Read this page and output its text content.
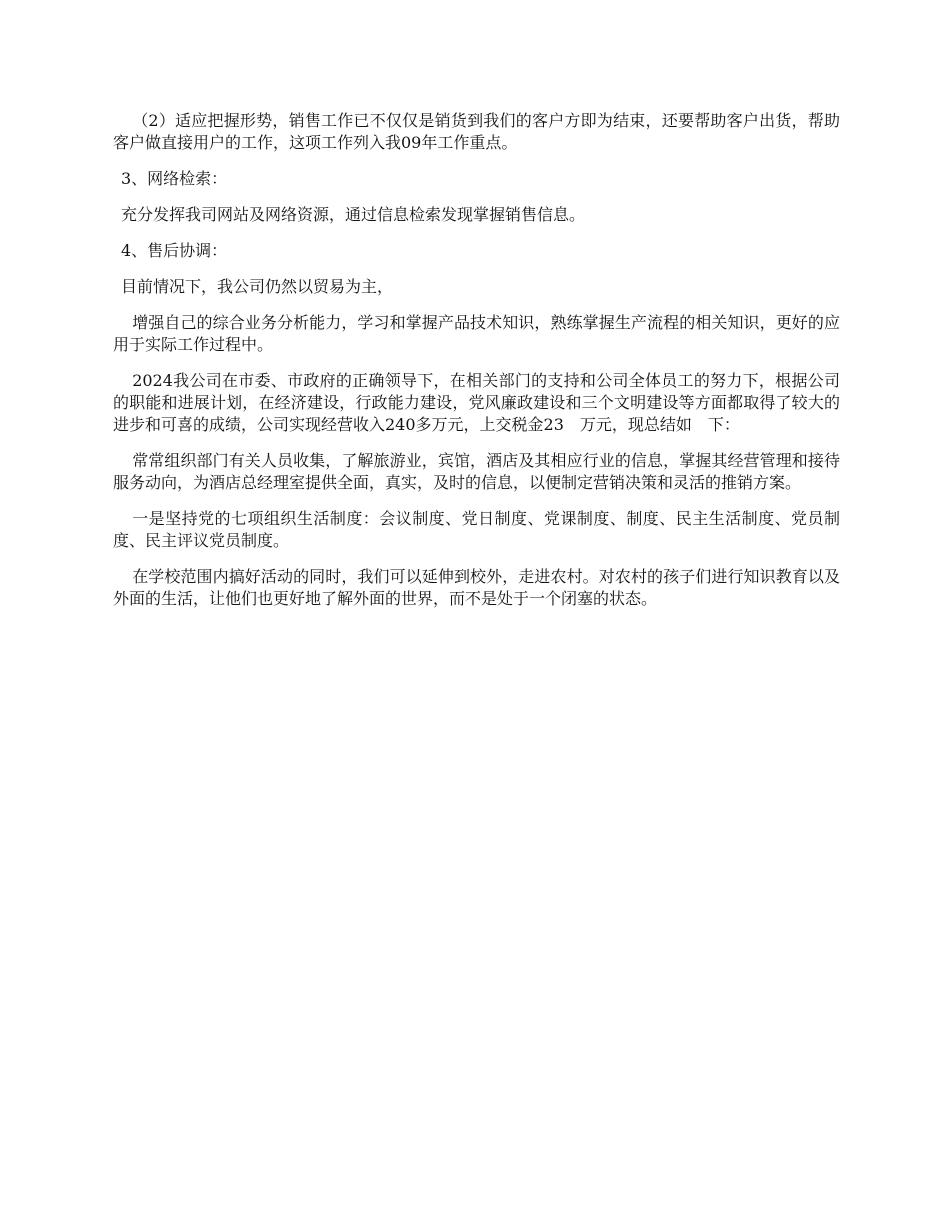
（2）适应把握形势，销售工作已不仅仅是销货到我们的客户方即为结束，还要帮助客户出货，帮助客户做直接用户的工作，这项工作列入我09年工作重点。

3、网络检索：

充分发挥我司网站及网络资源，通过信息检索发现掌握销售信息。

4、售后协调：

目前情况下，我公司仍然以贸易为主，

增强自己的综合业务分析能力，学习和掌握产品技术知识，熟练掌握生产流程的相关知识，更好的应用于实际工作过程中。

2024我公司在市委、市政府的正确领导下，在相关部门的支持和公司全体员工的努力下，根据公司的职能和进展计划，在经济建设，行政能力建设，党风廉政建设和三个文明建设等方面都取得了较大的进步和可喜的成绩，公司实现经营收入240多万元，上交税金23　万元，现总结如　下：

常常组织部门有关人员收集，了解旅游业，宾馆，酒店及其相应行业的信息，掌握其经营管理和接待服务动向，为酒店总经理室提供全面，真实，及时的信息，以便制定营销决策和灵活的推销方案。

一是坚持党的七项组织生活制度：会议制度、党日制度、党课制度、制度、民主生活制度、党员制度、民主评议党员制度。

在学校范围内搞好活动的同时，我们可以延伸到校外，走进农村。对农村的孩子们进行知识教育以及外面的生活，让他们也更好地了解外面的世界，而不是处于一个闭塞的状态。
